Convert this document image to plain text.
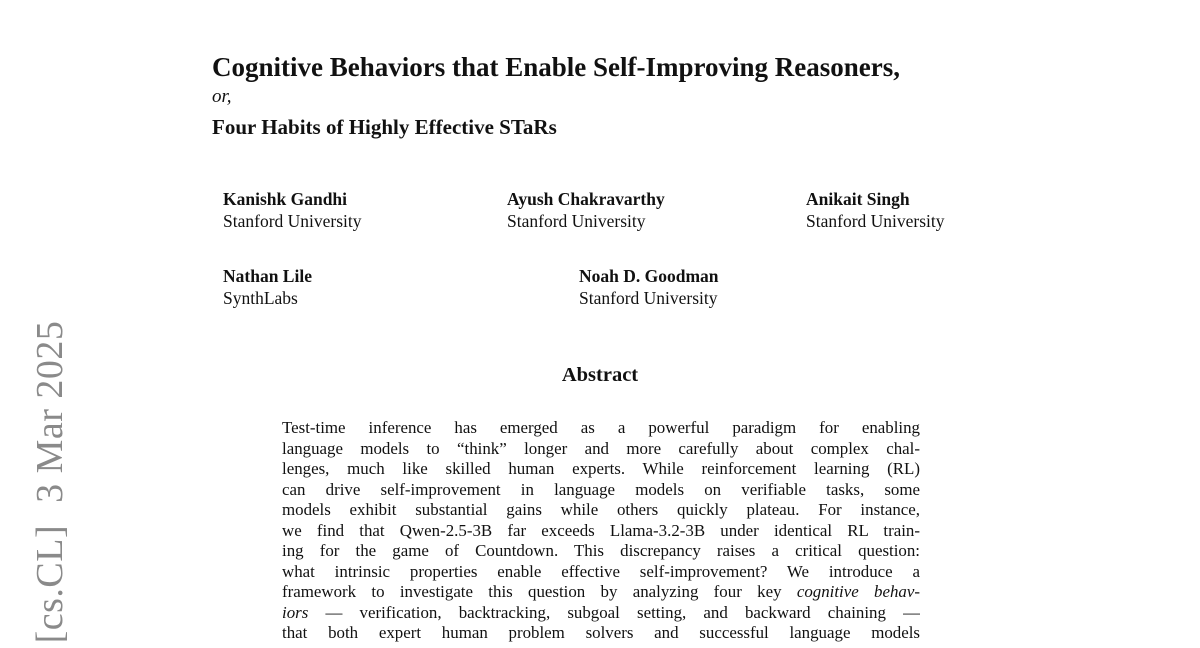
[cs.CL]3 Mar 2025
Cognitive Behaviors that Enable Self-Improving Reasoners,
or,
Four Habits of Highly Effective STaRs
Kanishk Gandhi
Stanford University
Ayush Chakravarthy
Stanford University
Anikait Singh
Stanford University
Nathan Lile
SynthLabs
Noah D. Goodman
Stanford University
Abstract
Test-time inference has emerged as a powerful paradigm for enabling
language models to “think” longer and more carefully about complex chal-
lenges, much like skilled human experts. While reinforcement learning (RL)
can drive self-improvement in language models on verifiable tasks, some
models exhibit substantial gains while others quickly plateau. For instance,
we find that Qwen-2.5-3B far exceeds Llama-3.2-3B under identical RL train-
ing for the game of Countdown. This discrepancy raises a critical question:
what intrinsic properties enable effective self-improvement? We introduce a
framework to investigate this question by analyzing four key cognitive behav-
iors — verification, backtracking, subgoal setting, and backward chaining —
that both expert human problem solvers and successful language models
